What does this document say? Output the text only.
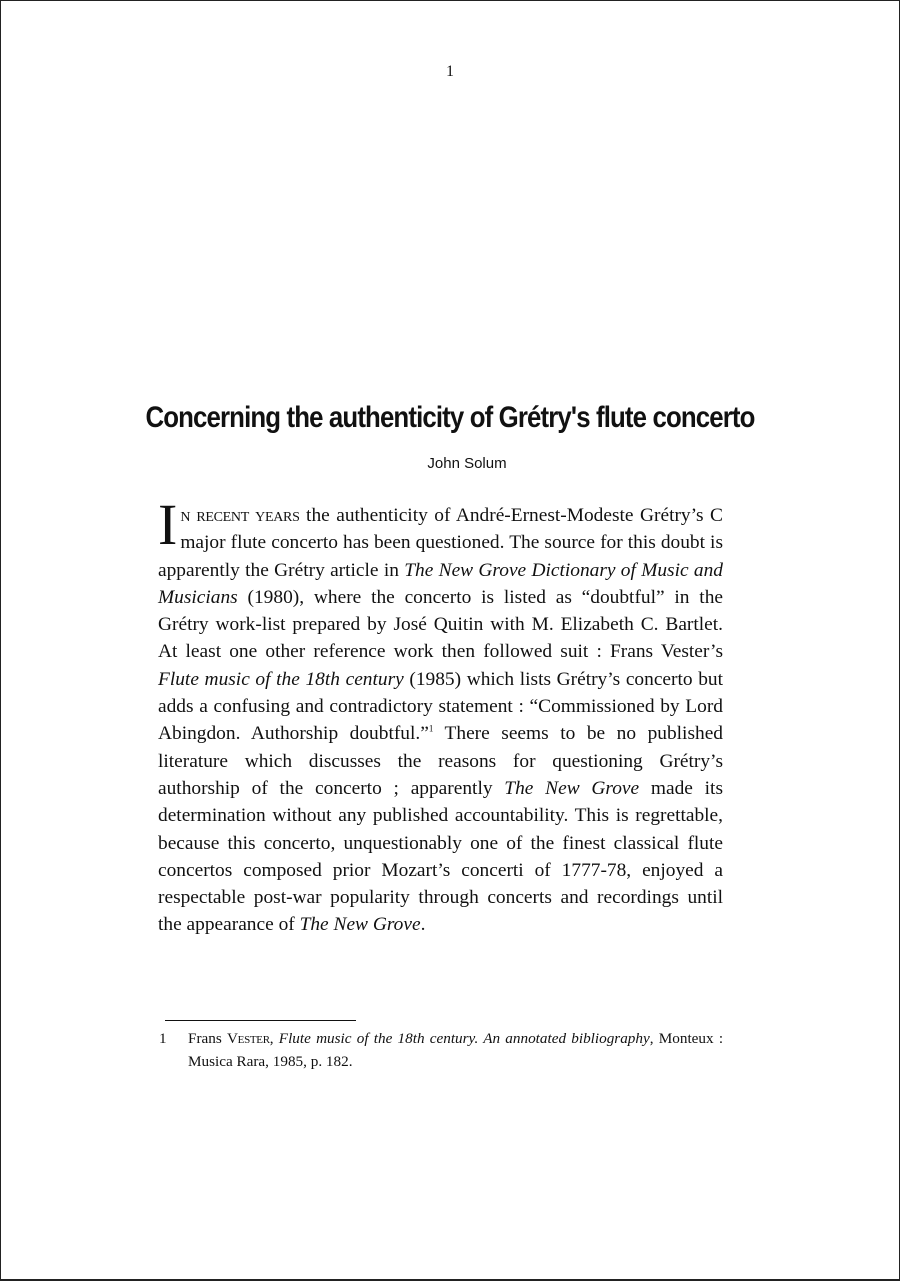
1
Concerning the authenticity of Grétry's flute concerto
John Solum
In recent years the authenticity of André-Ernest-Modeste Grétry’s C major flute concerto has been questioned. The source for this doubt is apparently the Grétry article in The New Grove Dictionary of Music and Musicians (1980), where the concerto is listed as “doubtful” in the Grétry work-list prepared by José Quitin with M. Elizabeth C. Bartlet. At least one other reference work then followed suit : Frans Vester’s Flute music of the 18th century (1985) which lists Grétry’s concerto but adds a confusing and contradictory statement : “Commissioned by Lord Abingdon. Authorship doubtful.”$^1$ There seems to be no published literature which discusses the reasons for questioning Grétry’s authorship of the concerto ; apparently The New Grove made its determination without any published accountability. This is regrettable, because this concerto, unquestionably one of the finest classical flute concertos composed prior Mozart’s concerti of 1777-78, enjoyed a respectable post-war popularity through concerts and recordings until the appearance of The New Grove.
1 Frans Vester, Flute music of the 18th century. An annotated bibliography, Monteux : Musica Rara, 1985, p. 182.
